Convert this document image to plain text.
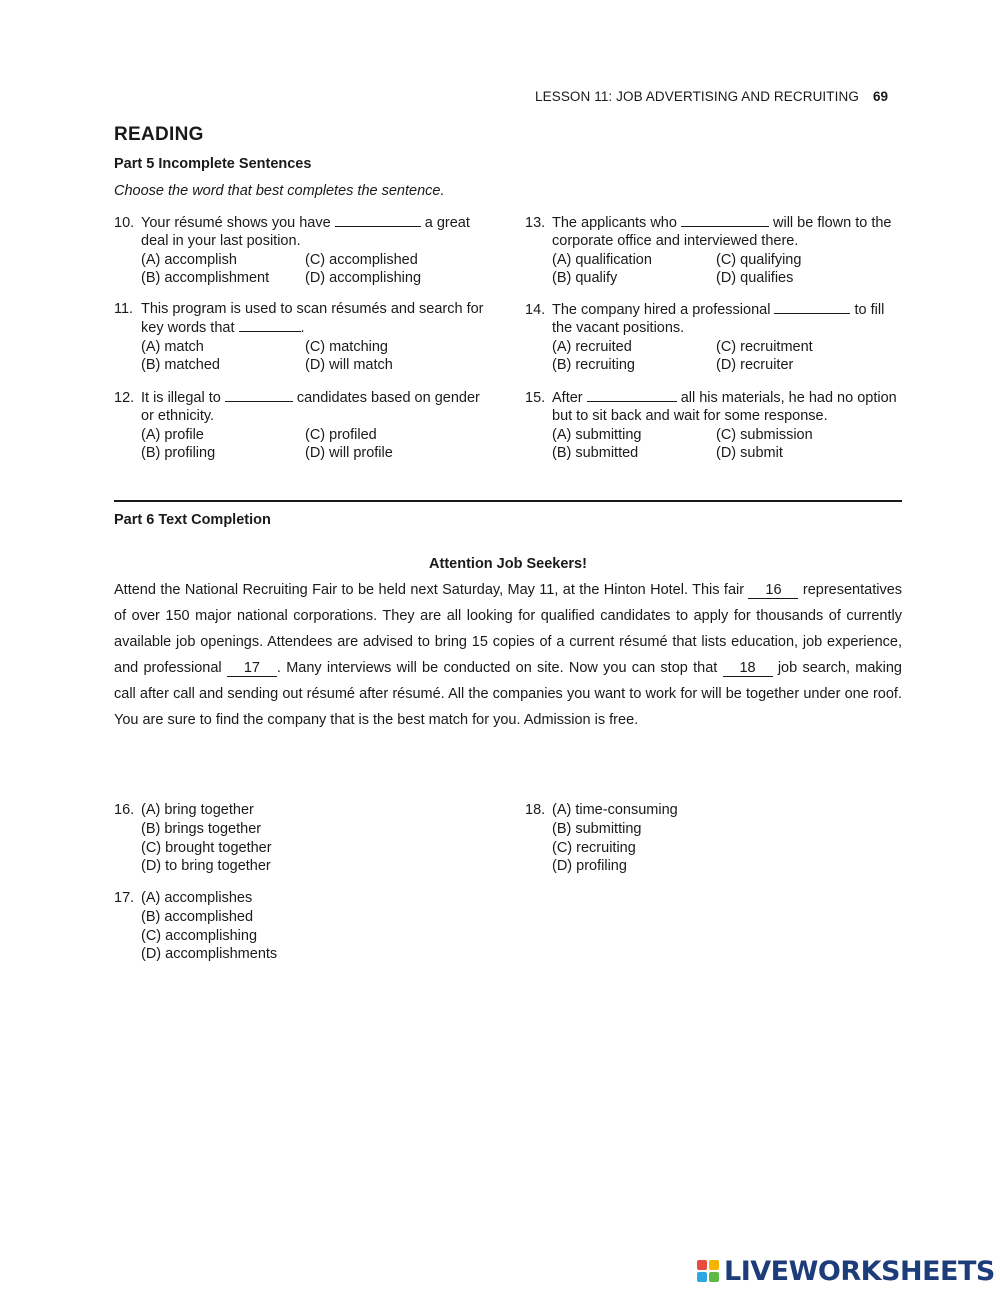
LESSON 11: JOB ADVERTISING AND RECRUITING 69
READING
Part 5 Incomplete Sentences
Choose the word that best completes the sentence.
10. Your résumé shows you have	a great deal in your last position.
(A) accomplish	(C) accomplished
(B) accomplishment	(D) accomplishing
11. This program is used to scan résumés and search for key words that	.
(A) match	(C) matching
(B) matched	(D) will match
12. It is illegal to	candidates based on gender or ethnicity.
(A) profile	(C) profiled
(B) profiling	(D) will profile
13. The applicants who	will be flown to the corporate office and interviewed there.
(A) qualification	(C) qualifying
(B) qualify	(D) qualifies
14. The company hired a professional	to fill the vacant positions.
(A) recruited	(C) recruitment
(B) recruiting	(D) recruiter
15. After	all his materials, he had no option but to sit back and wait for some response.
(A) submitting	(C) submission
(B) submitted	(D) submit
Part 6 Text Completion
Attention Job Seekers!
Attend the National Recruiting Fair to be held next Saturday, May 11, at the Hinton Hotel. This fair 16 representatives of over 150 major national corporations. They are all looking for qualified candidates to apply for thousands of currently available job openings. Attendees are advised to bring 15 copies of a current résumé that lists education, job experience, and professional 17 . Many interviews will be conducted on site. Now you can stop that 18 job search, making call after call and sending out résumé after résumé. All the companies you want to work for will be together under one roof. You are sure to find the company that is the best match for you. Admission is free.
16. (A) bring together
(B) brings together
(C) brought together
(D) to bring together
17. (A) accomplishes
(B) accomplished
(C) accomplishing
(D) accomplishments
18. (A) time-consuming
(B) submitting
(C) recruiting
(D) profiling
LIVEWORKSHEETS
